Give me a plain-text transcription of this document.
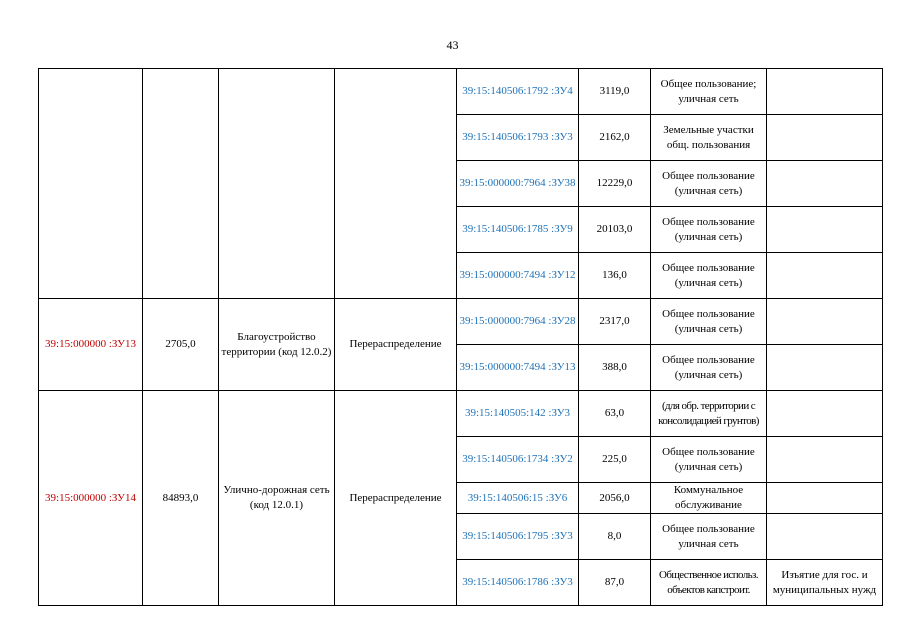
43
				39:15:140506:1792 :ЗУ4	3119,0	Общее пользование; уличная сеть	
				39:15:140506:1793 :ЗУ3	2162,0	Земельные участки общ. пользования	
				39:15:000000:7964 :ЗУ38	12229,0	Общее пользование (уличная сеть)	
				39:15:140506:1785 :ЗУ9	20103,0	Общее пользование (уличная сеть)	
				39:15:000000:7494 :ЗУ12	136,0	Общее пользование (уличная сеть)	
39:15:000000 :ЗУ13	2705,0	Благоустройство территории (код 12.0.2)	Перераспределение	39:15:000000:7964 :ЗУ28	2317,0	Общее пользование (уличная сеть)	
				39:15:000000:7494 :ЗУ13	388,0	Общее пользование (уличная сеть)	
39:15:000000 :ЗУ14	84893,0	Улично-дорожная сеть (код 12.0.1)	Перераспределение	39:15:140505:142 :ЗУ3	63,0	(для обр. территории с консолидацией грунтов)	
				39:15:140506:1734 :ЗУ2	225,0	Общее пользование (уличная сеть)	
				39:15:140506:15 :ЗУ6	2056,0	Коммунальное обслуживание	
				39:15:140506:1795 :ЗУ3	8,0	Общее пользование уличная сеть	
				39:15:140506:1786 :ЗУ3	87,0	Общественное использ. объектов капстроит.	Изъятие для гос. и муниципальных нужд
